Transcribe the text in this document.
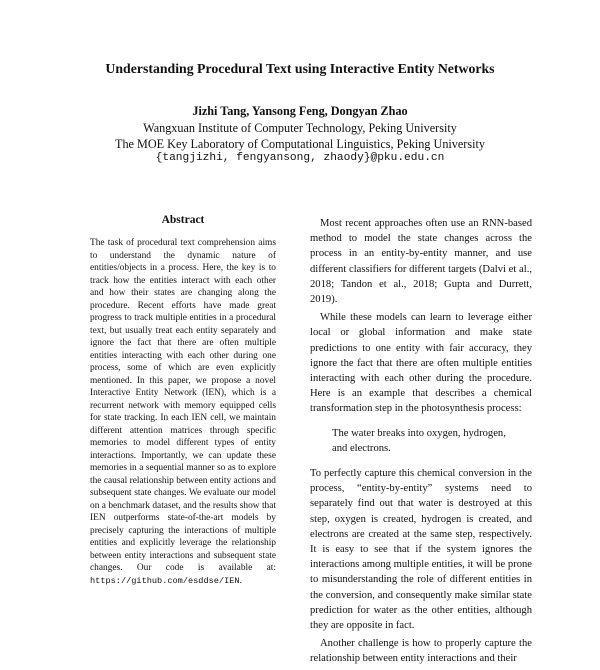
Understanding Procedural Text using Interactive Entity Networks
Jizhi Tang, Yansong Feng, Dongyan Zhao
Wangxuan Institute of Computer Technology, Peking University
The MOE Key Laboratory of Computational Linguistics, Peking University
{tangjizhi, fengyansong, zhaody}@pku.edu.cn
Abstract
The task of procedural text comprehension aims to understand the dynamic nature of entities/objects in a process. Here, the key is to track how the entities interact with each other and how their states are changing along the procedure. Recent efforts have made great progress to track multiple entities in a procedural text, but usually treat each entity separately and ignore the fact that there are often multiple entities interacting with each other during one process, some of which are even explicitly mentioned. In this paper, we propose a novel Interactive Entity Network (IEN), which is a recurrent network with memory equipped cells for state tracking. In each IEN cell, we maintain different attention matrices through specific memories to model different types of entity interactions. Importantly, we can update these memories in a sequential manner so as to explore the causal relationship between entity actions and subsequent state changes. We evaluate our model on a benchmark dataset, and the results show that IEN outperforms state-of-the-art models by precisely capturing the interactions of multiple entities and explicitly leverage the relationship between entity interactions and subsequent state changes. Our code is available at: https://github.com/esddse/IEN.

Most recent approaches often use an RNN-based method to model the state changes across the process in an entity-by-entity manner, and use different classifiers for different targets (Dalvi et al., 2018; Tandon et al., 2018; Gupta and Durrett, 2019).

While these models can learn to leverage either local or global information and make state predictions to one entity with fair accuracy, they ignore the fact that there are often multiple entities interacting with each other during the procedure. Here is an example that describes a chemical transformation step in the photosynthesis process:

The water breaks into oxygen, hydrogen, and electrons.

To perfectly capture this chemical conversion in the process, “entity-by-entity” systems need to separately find out that water is destroyed at this step, oxygen is created, hydrogen is created, and electrons are created at the same step, respectively. It is easy to see that if the system ignores the interactions among multiple entities, it will be prone to misunderstanding the role of different entities in the conversion, and consequently make similar state prediction for water as the other entities, although they are opposite in fact.

Another challenge is how to properly capture the relationship between entity interactions and their
